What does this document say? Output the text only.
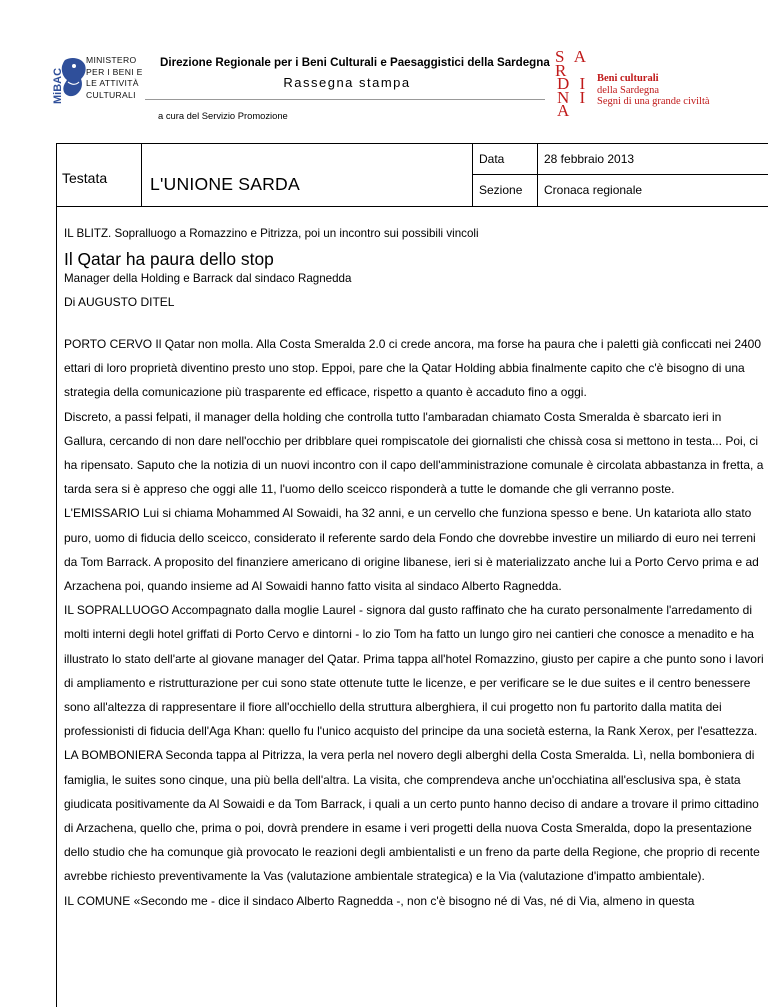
MiBAC
MINISTERO
PER I BENI E
LE ATTIVITÀ
CULTURALI
Direzione Regionale per i Beni Culturali e Paesaggistici della Sardegna
Rassegna stampa
a cura del Servizio Promozione
S A R
D I
N I
A
Beni culturali
della Sardegna
Segni di una grande civiltà
Testata L'UNIONE SARDA
Data	28 febbraio 2013
Sezione Cronaca regionale
IL BLITZ. Sopralluogo a Romazzino e Pitrizza, poi un incontro sui possibili vincoli
Il Qatar ha paura dello stop
Manager della Holding e Barrack dal sindaco Ragnedda
Di AUGUSTO DITEL

PORTO CERVO Il Qatar non molla. Alla Costa Smeralda 2.0 ci crede ancora, ma forse ha paura che i paletti già conficcati nei 2400 ettari di loro proprietà diventino presto uno stop. Eppoi, pare che la Qatar Holding abbia finalmente capito che c'è bisogno di una strategia della comunicazione più trasparente ed efficace, rispetto a quanto è accaduto fino a oggi.

Discreto, a passi felpati, il manager della holding che controlla tutto l'ambaradan chiamato Costa Smeralda è sbarcato ieri in Gallura, cercando di non dare nell'occhio per dribblare quei rompiscatole dei giornalisti che chissà cosa si mettono in testa... Poi, ci ha ripensato. Saputo che la notizia di un nuovi incontro con il capo dell'amministrazione comunale è circolata abbastanza in fretta, a tarda sera si è appreso che oggi alle 11, l'uomo dello sceicco risponderà a tutte le domande che gli verranno poste.

L'EMISSARIO Lui si chiama Mohammed Al Sowaidi, ha 32 anni, e un cervello che funziona spesso e bene. Un katariota allo stato puro, uomo di fiducia dello sceicco, considerato il referente sardo dela Fondo che dovrebbe investire un miliardo di euro nei terreni da Tom Barrack. A proposito del finanziere americano di origine libanese, ieri si è materializzato anche lui a Porto Cervo prima e ad Arzachena poi, quando insieme ad Al Sowaidi hanno fatto visita al sindaco Alberto Ragnedda.

IL SOPRALLUOGO Accompagnato dalla moglie Laurel - signora dal gusto raffinato che ha curato personalmente l'arredamento di molti interni degli hotel griffati di Porto Cervo e dintorni - lo zio Tom ha fatto un lungo giro nei cantieri che conosce a menadito e ha illustrato lo stato dell'arte al giovane manager del Qatar. Prima tappa all'hotel Romazzino, giusto per capire a che punto sono i lavori di ampliamento e ristrutturazione per cui sono state ottenute tutte le licenze, e per verificare se le due suites e il centro benessere sono all'altezza di rappresentare il fiore all'occhiello della struttura alberghiera, il cui progetto non fu partorito dalla matita dei professionisti di fiducia dell'Aga Khan: quello fu l'unico acquisto del principe da una società esterna, la Rank Xerox, per l'esattezza.

LA BOMBONIERA Seconda tappa al Pitrizza, la vera perla nel novero degli alberghi della Costa Smeralda. Lì, nella bomboniera di famiglia, le suites sono cinque, una più bella dell'altra. La visita, che comprendeva anche un'occhiatina all'esclusiva spa, è stata giudicata positivamente da Al Sowaidi e da Tom Barrack, i quali a un certo punto hanno deciso di andare a trovare il primo cittadino di Arzachena, quello che, prima o poi, dovrà prendere in esame i veri progetti della nuova Costa Smeralda, dopo la presentazione dello studio che ha comunque già provocato le reazioni degli ambientalisti e un freno da parte della Regione, che proprio di recente avrebbe richiesto preventivamente la Vas (valutazione ambientale strategica) e la Via (valutazione d'impatto ambientale).

IL COMUNE «Secondo me - dice il sindaco Alberto Ragnedda -, non c'è bisogno né di Vas, né di Via, almeno in questa
